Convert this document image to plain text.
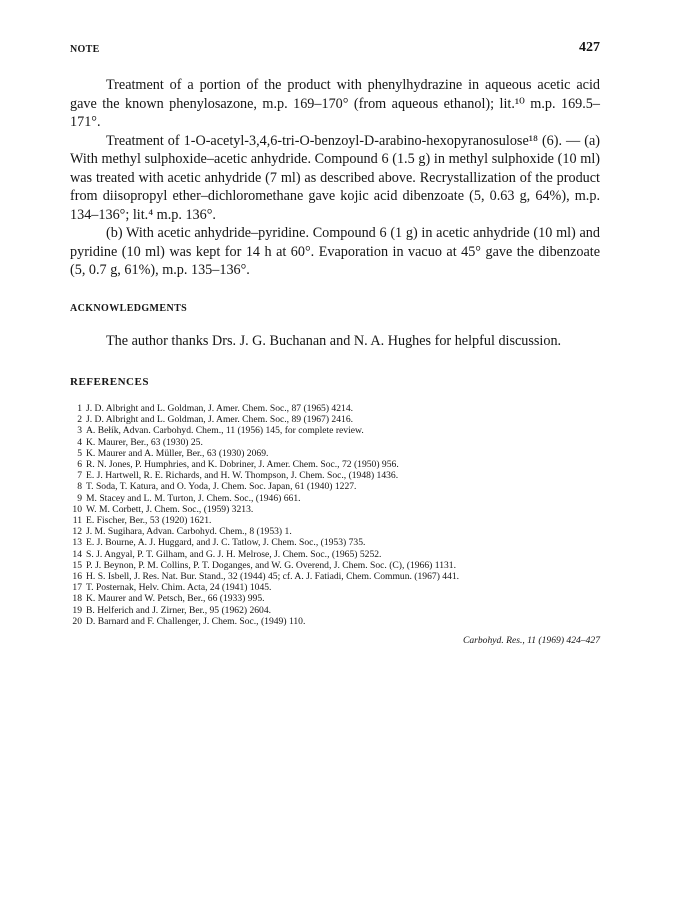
NOTE	427

Treatment of a portion of the product with phenylhydrazine in aqueous acetic acid gave the known phenylosazone, m.p. 169–170° (from aqueous ethanol); lit.¹⁰ m.p. 169.5–171°.

Treatment of 1-O-acetyl-3,4,6-tri-O-benzoyl-D-arabino-hexopyranosulose¹⁸ (6). — (a) With methyl sulphoxide–acetic anhydride. Compound 6 (1.5 g) in methyl sulphoxide (10 ml) was treated with acetic anhydride (7 ml) as described above. Recrystallization of the product from diisopropyl ether–dichloromethane gave kojic acid dibenzoate (5, 0.63 g, 64%), m.p. 134–136°; lit.⁴ m.p. 136°.

(b) With acetic anhydride–pyridine. Compound 6 (1 g) in acetic anhydride (10 ml) and pyridine (10 ml) was kept for 14 h at 60°. Evaporation in vacuo at 45° gave the dibenzoate (5, 0.7 g, 61%), m.p. 135–136°.

ACKNOWLEDGMENTS

The author thanks Drs. J. G. Buchanan and N. A. Hughes for helpful discussion.

REFERENCES
1 J. D. Albright and L. Goldman, J. Amer. Chem. Soc., 87 (1965) 4214.
2 J. D. Albright and L. Goldman, J. Amer. Chem. Soc., 89 (1967) 2416.
3 A. Bełík, Advan. Carbohyd. Chem., 11 (1956) 145, for complete review.
4 K. Maurer, Ber., 63 (1930) 25.
5 K. Maurer and A. Müller, Ber., 63 (1930) 2069.
6 R. N. Jones, P. Humphries, and K. Dobriner, J. Amer. Chem. Soc., 72 (1950) 956.
7 E. J. Hartwell, R. E. Richards, and H. W. Thompson, J. Chem. Soc., (1948) 1436.
8 T. Soda, T. Katura, and O. Yoda, J. Chem. Soc. Japan, 61 (1940) 1227.
9 M. Stacey and L. M. Turton, J. Chem. Soc., (1946) 661.
10 W. M. Corbett, J. Chem. Soc., (1959) 3213.
11 E. Fischer, Ber., 53 (1920) 1621.
12 J. M. Sugihara, Advan. Carbohyd. Chem., 8 (1953) 1.
13 E. J. Bourne, A. J. Huggard, and J. C. Tatlow, J. Chem. Soc., (1953) 735.
14 S. J. Angyal, P. T. Gilham, and G. J. H. Melrose, J. Chem. Soc., (1965) 5252.
15 P. J. Beynon, P. M. Collins, P. T. Doganges, and W. G. Overend, J. Chem. Soc. (C), (1966) 1131.
16 H. S. Isbell, J. Res. Nat. Bur. Stand., 32 (1944) 45; cf. A. J. Fatiadi, Chem. Commun. (1967) 441.
17 T. Posternak, Helv. Chim. Acta, 24 (1941) 1045.
18 K. Maurer and W. Petsch, Ber., 66 (1933) 995.
19 B. Helferich and J. Zirner, Ber., 95 (1962) 2604.
20 D. Barnard and F. Challenger, J. Chem. Soc., (1949) 110.
Carbohyd. Res., 11 (1969) 424–427
